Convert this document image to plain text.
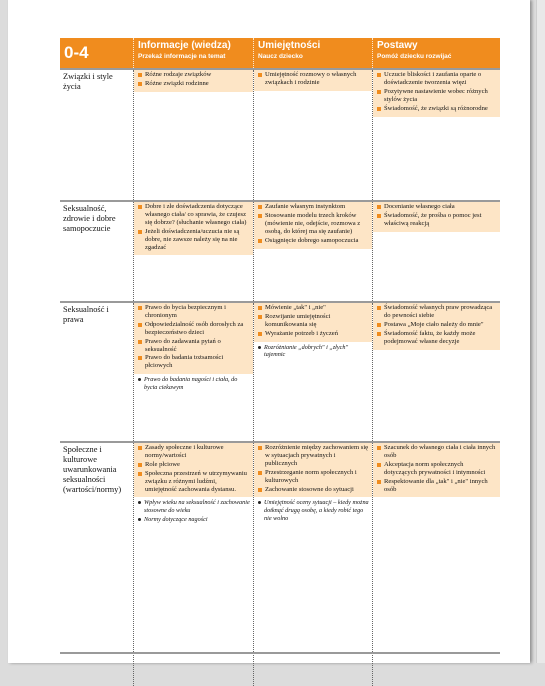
0-4	Informacje (wiedza)
Przekaż informacje na temat
Umiejętności
Naucz dziecko
Postawy
Pomóż dziecku rozwijać
Związki i style życia
Różne rodzaje związków
Różne związki rodzinne
Umiejętność rozmowy o własnych związkach i rodzinie
Uczucie bliskości i zaufania oparte o doświadczenie tworzenia więzi
Pozytywne nastawienie wobec różnych stylów życia
Świadomość, że związki są różnorodne
Seksualność, zdrowie i dobre samopoczucie
Dobre i złe doświadczenia dotyczące własnego ciała/ co sprawia, że czujesz się dobrze? (słuchanie własnego ciała)
Jeżeli doświadczenia/uczucia nie są dobre, nie zawsze należy się na nie zgadzać
Zaufanie własnym instynktom
Stosowanie modelu trzech kroków (mówienie nie, odejście, rozmowa z osobą, do której ma się zaufanie)
Osiągnięcie dobrego samopoczucia
Docenianie własnego ciała
Świadomość, że prośba o pomoc jest właściwą reakcją
Seksualność i prawa
Prawo do bycia bezpiecznym i chronionym
Odpowiedzialność osób dorosłych za bezpieczeństwo dzieci
Prawo do zadawania pytań o seksualność
Prawo do badania tożsamości płciowych
Prawo do badania nagości i ciała, do bycia ciekawym
Mówienie „tak" i „nie"
Rozwijanie umiejętności komunikowania się
Wyrażanie potrzeb i życzeń
Rozróżnianie „dobrych" i „złych" tajemnic
Świadomość własnych praw prowadząca do pewności siebie
Postawa „Moje ciało należy do mnie"
Świadomość faktu, że każdy może podejmować własne decyzje
Społeczne i kulturowe uwarunkowania seksualności (wartości/normy)
Zasady społeczne i kulturowe normy/wartości
Role płciowe
Społeczna przestrzeń w utrzymywaniu związku z różnymi ludźmi, umiejętność zachowania dystansu.
Wpływ wieku na seksualność i zachowanie stosowne do wieku
Normy dotyczące nagości
Rozróżnienie między zachowaniem się w sytuacjach prywatnych i publicznych
Przestrzeganie norm społecznych i kulturowych
Zachowanie stosowne do sytuacji
Umiejętność oceny sytuacji – kiedy można dotknąć drugą osobę, a kiedy robić tego nie wolno
Szacunek do własnego ciała i ciała innych osób
Akceptacja norm społecznych dotyczących prywatności i intymności
Respektowanie dla „tak" i „nie" innych osób
